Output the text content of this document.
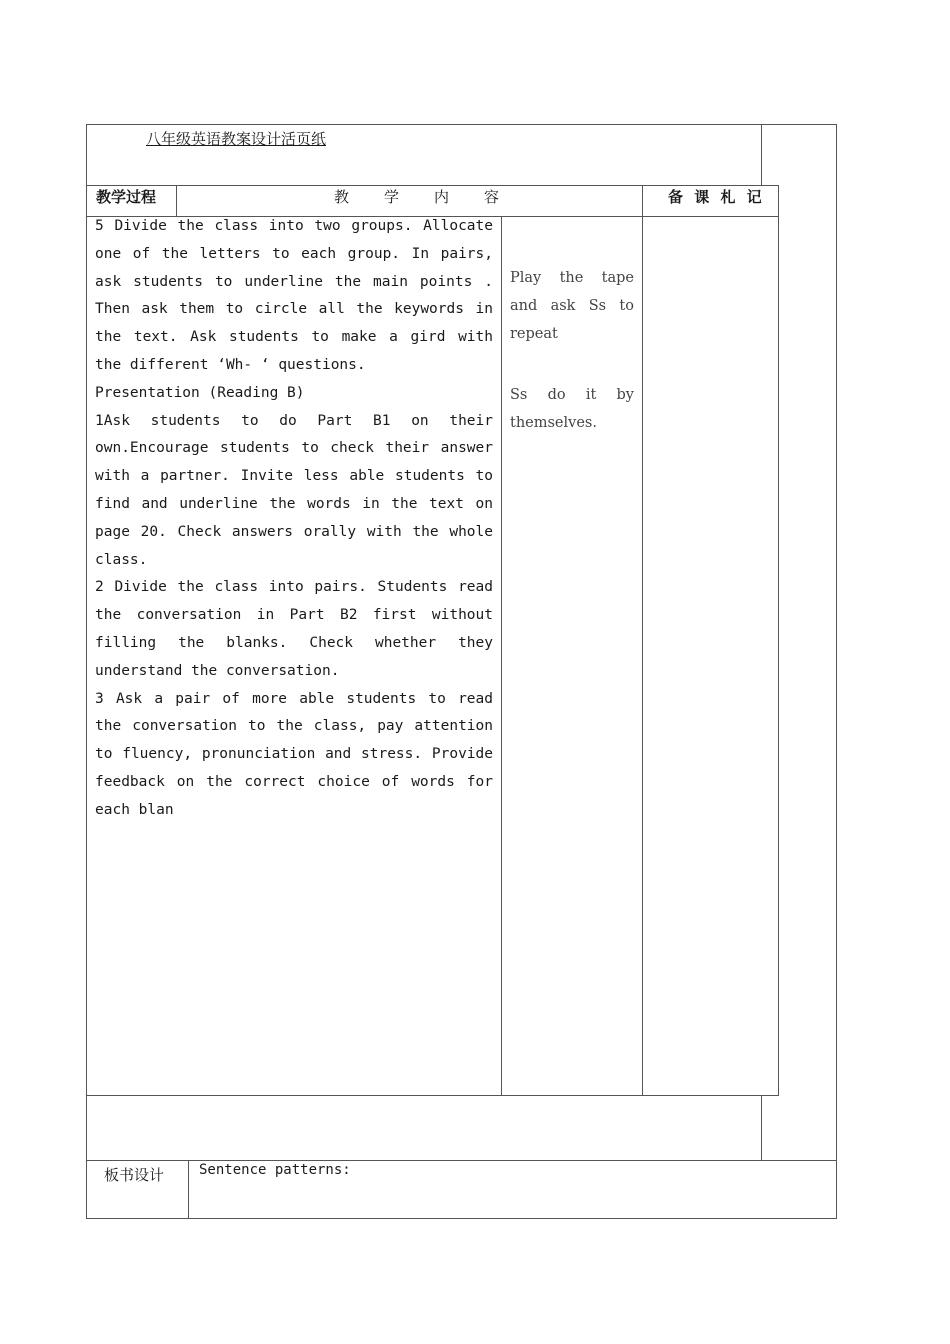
八年级英语教案设计活页纸
教学过程	教　学　内　容	备 课 札 记

5 Divide the class into two groups. Allocate one of the letters to each group. In pairs, ask students to underline the main points . Then ask them to circle all the keywords in the text. Ask students to make a gird with the different ‘Wh- ‘ questions.

Presentation (Reading B)

1Ask students to do Part B1 on their own.Encourage students to check their answer with a partner. Invite less able students to find and underline the words in the text on page 20. Check answers orally with the whole class.

2 Divide the class into pairs. Students read the conversation in Part B2 first without filling the blanks. Check whether they understand the conversation.

3 Ask a pair of more able students to read the conversation to the class, pay attention to fluency, pronunciation and stress. Provide feedback on the correct choice of words for each blan

Play the tape and ask Ss to repeat

Ss do it by themselves.

板书设计 Sentence patterns:
